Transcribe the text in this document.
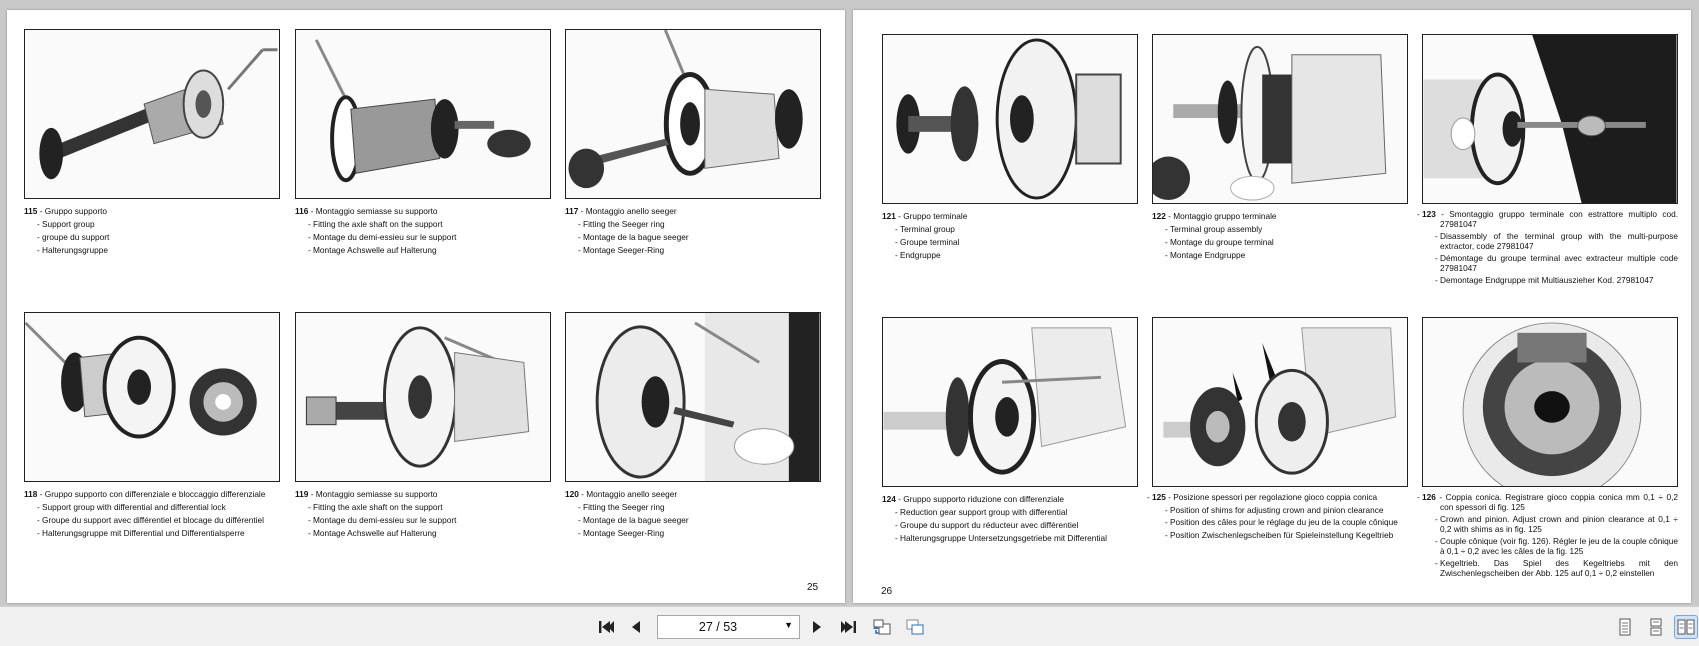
115 - Gruppo supporto
- Support group
- groupe du support
- Halterungsgruppe
116 - Montaggio semiasse su supporto
- Fitting the axle shaft on the support
- Montage du demi-essieu sur le support
- Montage Achswelle auf Halterung
117 - Montaggio anello seeger
- Fitting the Seeger ring
- Montage de la bague seeger
- Montage Seeger-Ring
118 - Gruppo supporto con differenziale e bloccaggio differenziale
- Support group with differential and differential lock
- Groupe du support avec différentiel et blocage du différentiel
- Halterungsgruppe mit Differential und Differentialsperre
119 - Montaggio semiasse su supporto
- Fitting the axle shaft on the support
- Montage du demi-essieu sur le support
- Montage Achswelle auf Halterung
120 - Montaggio anello seeger
- Fitting the Seeger ring
- Montage de la bague seeger
- Montage Seeger-Ring
25
121 - Gruppo terminale
- Terminal group
- Groupe terminal
- Endgruppe
122 - Montaggio gruppo terminale
- Terminal group assembly
- Montage du groupe terminal
- Montage Endgruppe
- 123 - Smontaggio gruppo terminale con estrattore multiplo cod. 27981047
- Disassembly of the terminal group with the multi-purpose extractor, code 27981047
- Démontage du groupe terminal avec extracteur multiple code 27981047
- Demontage Endgruppe mit Multiauszieher Kod. 27981047
124 - Gruppo supporto riduzione con differenziale
- Reduction gear support group with differential
- Groupe du support du réducteur avec différentiel
- Halterungsgruppe Untersetzungsgetriebe mit Differential
- 125 - Posizione spessori per regolazione gioco coppia conica
- Position of shims for adjusting crown and pinion clearance
- Position des câles pour le réglage du jeu de la couple cônique
- Position Zwischenlegscheiben für Spieleinstellung Kegeltrieb
- 126 - Coppia conica. Registrare gioco coppia conica mm 0,1 ÷ 0,2 con spessori di fig. 125
- Crown and pinion. Adjust crown and pinion clearance at 0,1 ÷ 0,2 with shims as in fig. 125
- Couple cônique (voir fig. 126). Régler le jeu de la couple cônique à 0,1 ÷ 0,2 avec les câles de la fig. 125
- Kegeltrieb. Das Spiel des Kegeltriebs mit den Zwischenlegscheiben der Abb. 125 auf 0,1 ÷ 0,2 einstellen
26
27 / 53	▼
